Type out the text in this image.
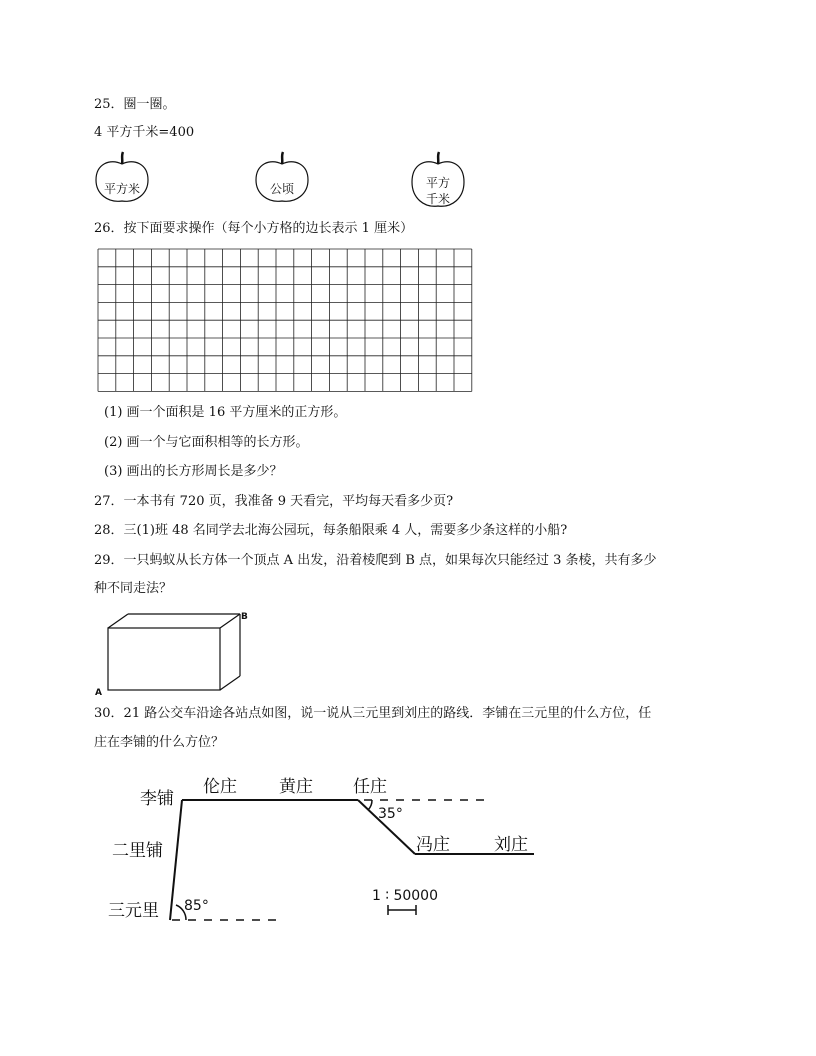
25．圈一圈。
4 平方千米=400
平方米	公顷	平方
千米
26．按下面要求操作（每个小方格的边长表示 1 厘米）
(1) 画一个面积是 16 平方厘米的正方形。
(2) 画一个与它面积相等的长方形。
(3) 画出的长方形周长是多少？
27．一本书有 720 页，我准备 9 天看完，平均每天看多少页?
28．三(1)班 48 名同学去北海公园玩，每条船限乘 4 人，需要多少条这样的小船?
29．一只蚂蚁从长方体一个顶点 A 出发，沿着棱爬到 B 点，如果每次只能经过 3 条棱，共有多少
种不同走法？
B
A
30．21 路公交车沿途各站点如图，说一说从三元里到刘庄的路线．李铺在三元里的什么方位，任
庄在李铺的什么方位？
李铺
伦庄 黄庄 任庄
二里铺	冯庄	刘庄
三元里
35°
85°
1 ∶ 50000
